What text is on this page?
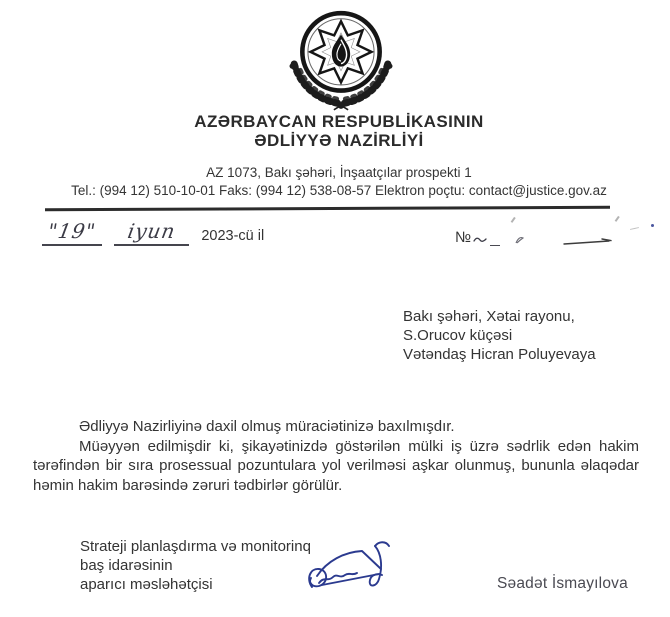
AZƏRBAYCAN RESPUBLİKASININ
ƏDLİYYƏ NAZİRLİYİ
AZ 1073, Bakı şəhəri, İnşaatçılar prospekti 1
Tel.: (994 12) 510-10-01 Faks: (994 12) 538-08-57 Elektron poçtu: contact@justice.gov.az
"19"	iyun	2023-cü il	№
Bakı şəhəri, Xətai rayonu,
S.Orucov küçəsi
Vətəndaş Hicran Poluyevaya

Ədliyyə Nazirliyinə daxil olmuş müraciətinizə baxılmışdır.

Müəyyən edilmişdir ki, şikayətinizdə göstərilən mülki iş üzrə sədrlik edən hakim tərəfindən bir sıra prosessual pozuntulara yol verilməsi aşkar olunmuş, bununla əlaqədar həmin hakim barəsində zəruri tədbirlər görülür.

Strateji planlaşdırma və monitorinq
baş idarəsinin
aparıcı məsləhətçisi	Səadət İsmayılova
